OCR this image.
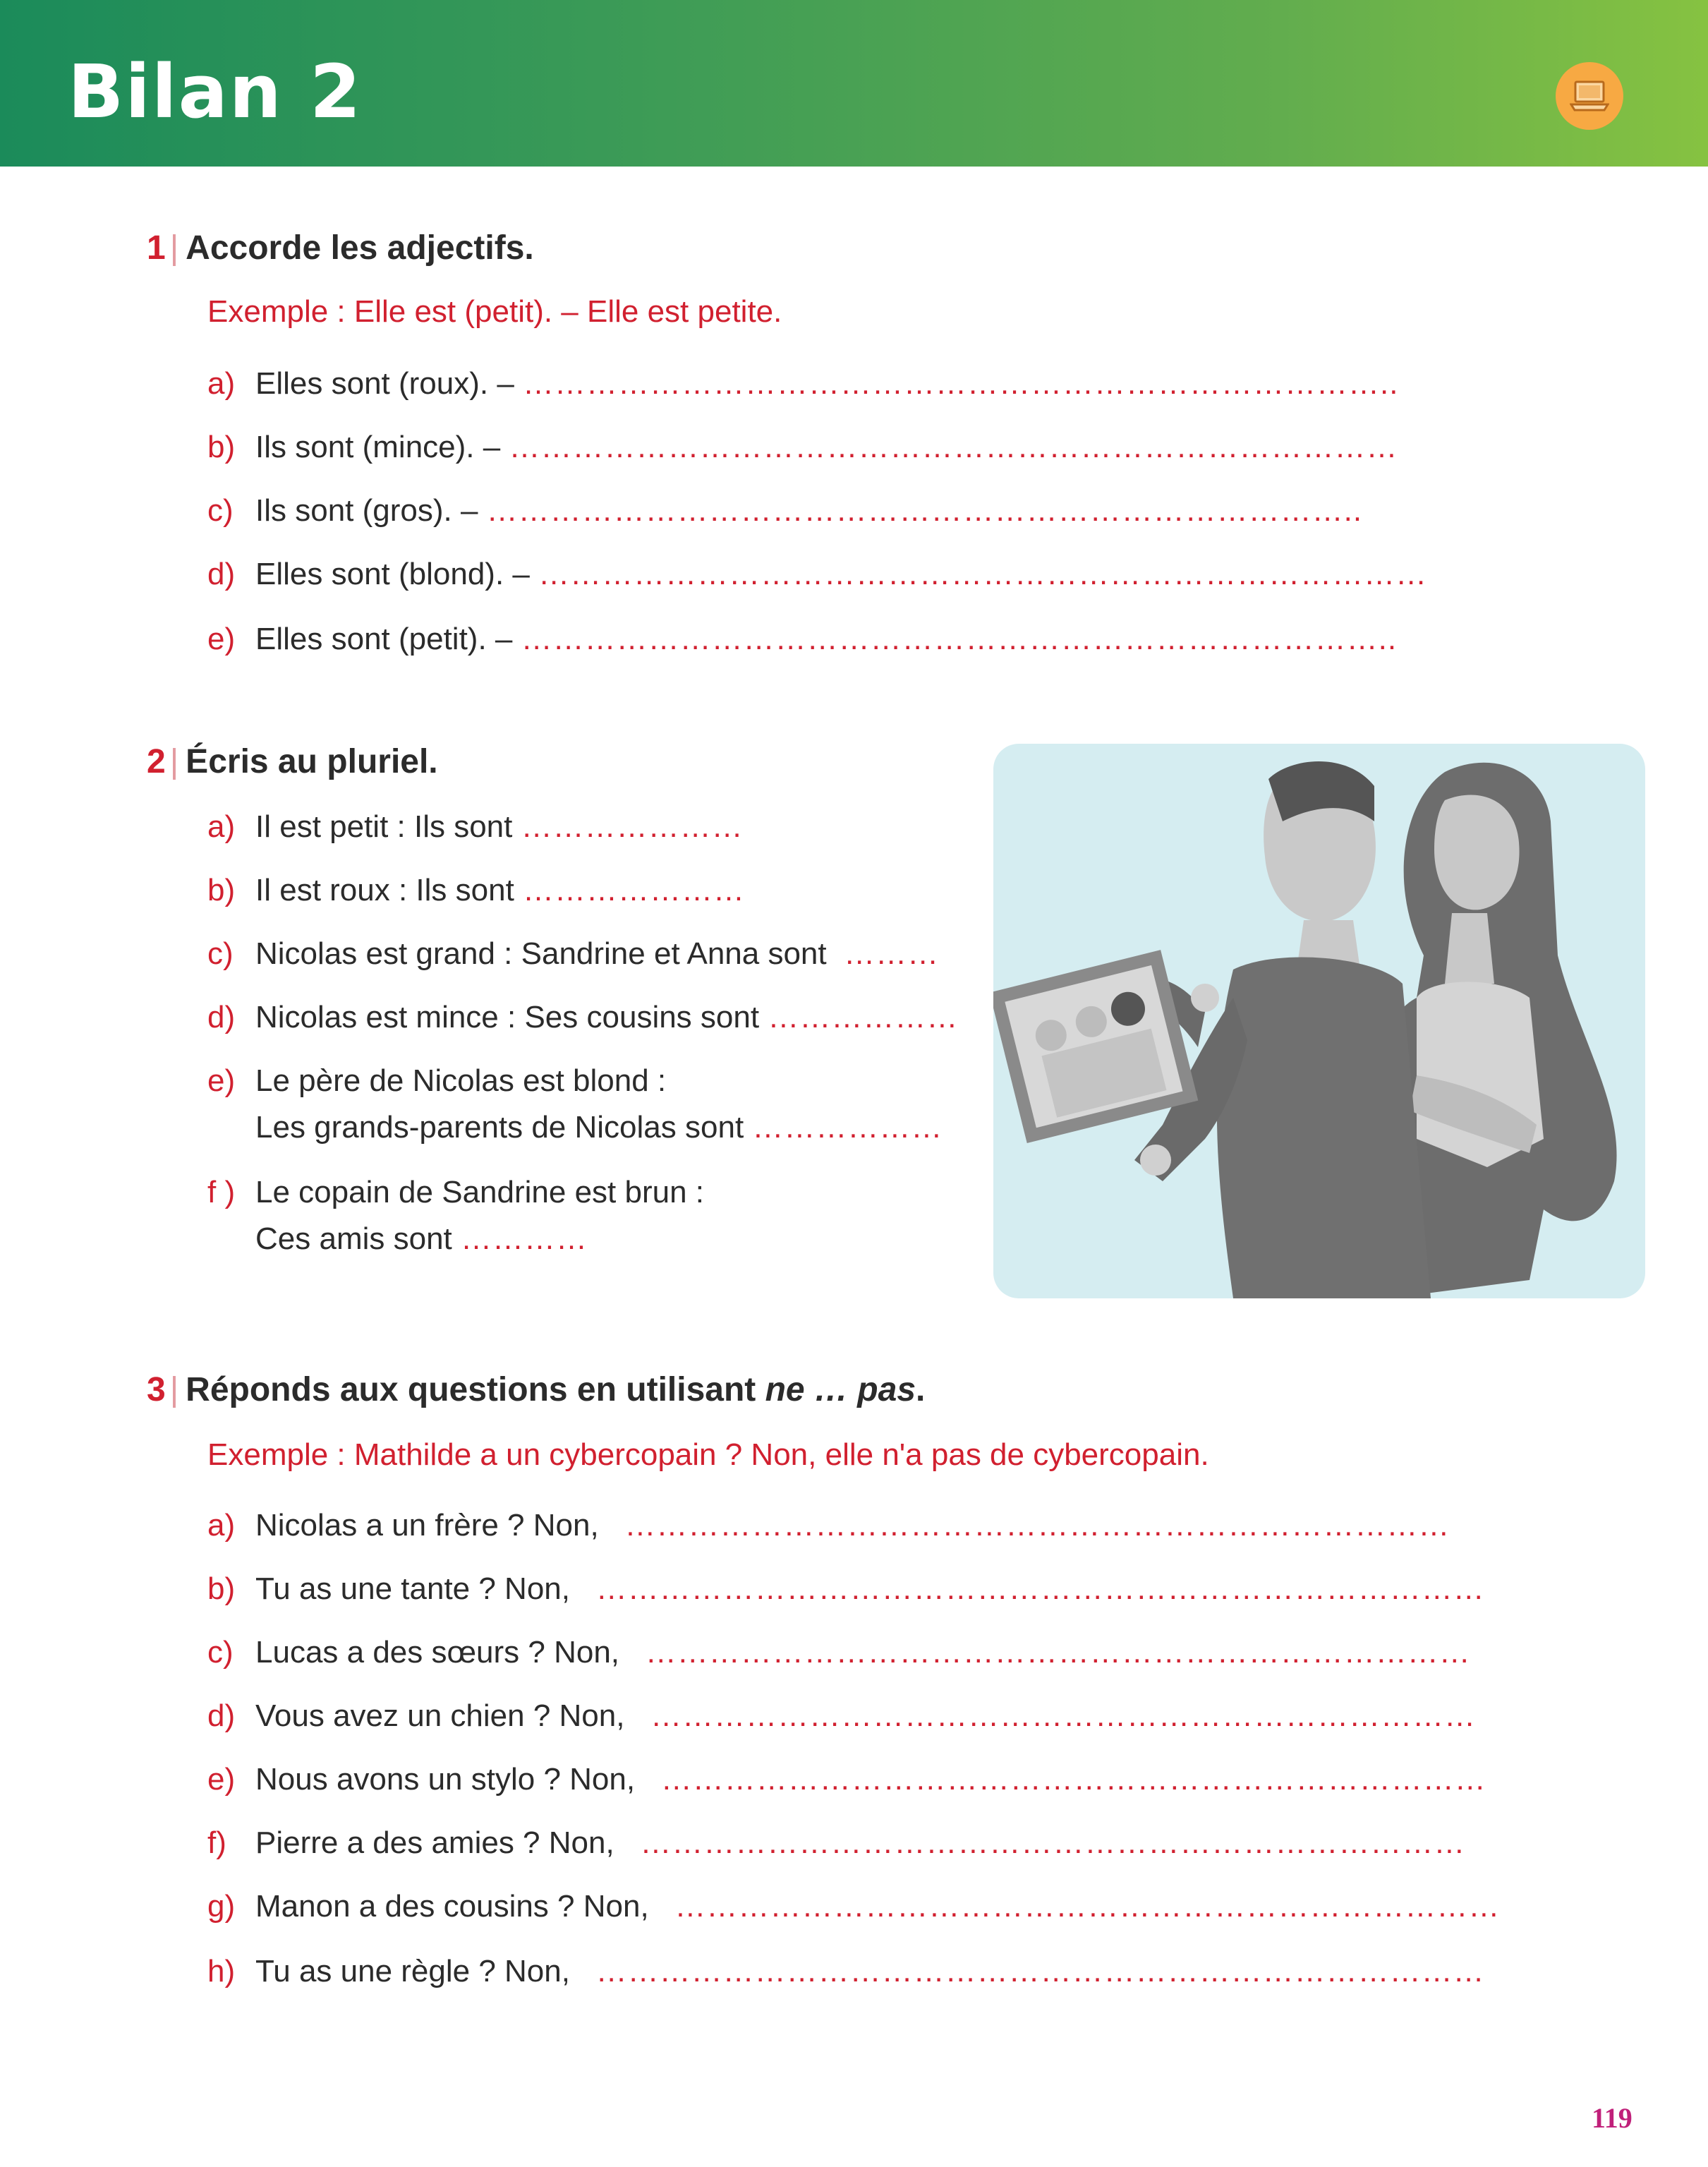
Bilan 2
1 | Accorde les adjectifs.
Exemple : Elle est (petit). – Elle est petite.
a) Elles sont (roux). – ………………………………………………………………………..
b) Ils sont (mince). – …………………………………………………………………………
c) Ils sont (gros). – ………………………………………………………………………..
d) Elles sont (blond). – …………………………………………………………………………
e) Elles sont (petit). – ………………………………………………………………………..
2 | Écris au pluriel.
a) Il est petit : Ils sont …………………
b) Il est roux : Ils sont …………………
c) Nicolas est grand : Sandrine et Anna sont ………
d) Nicolas est mince : Ses cousins sont ………………
e) Le père de Nicolas est blond :
Les grands-parents de Nicolas sont ………………
f ) Le copain de Sandrine est brun :
Ces amis sont …………
3 | Réponds aux questions en utilisant ne … pas.
Exemple : Mathilde a un cybercopain ? Non, elle n'a pas de cybercopain.
a) Nicolas a un frère ? Non, ……………………………………………………………………
b) Tu as une tante ? Non, …………………………………………………………………………
c) Lucas a des sœurs ? Non, ……………………………………………………………………
d) Vous avez un chien ? Non, ……………………………………………………………………
e) Nous avons un stylo ? Non, ……………………………………………………………………
f) Pierre a des amies ? Non, ……………………………………………………………………
g) Manon a des cousins ? Non, ……………………………………………………………………
h) Tu as une règle ? Non, …………………………………………………………………………
119
